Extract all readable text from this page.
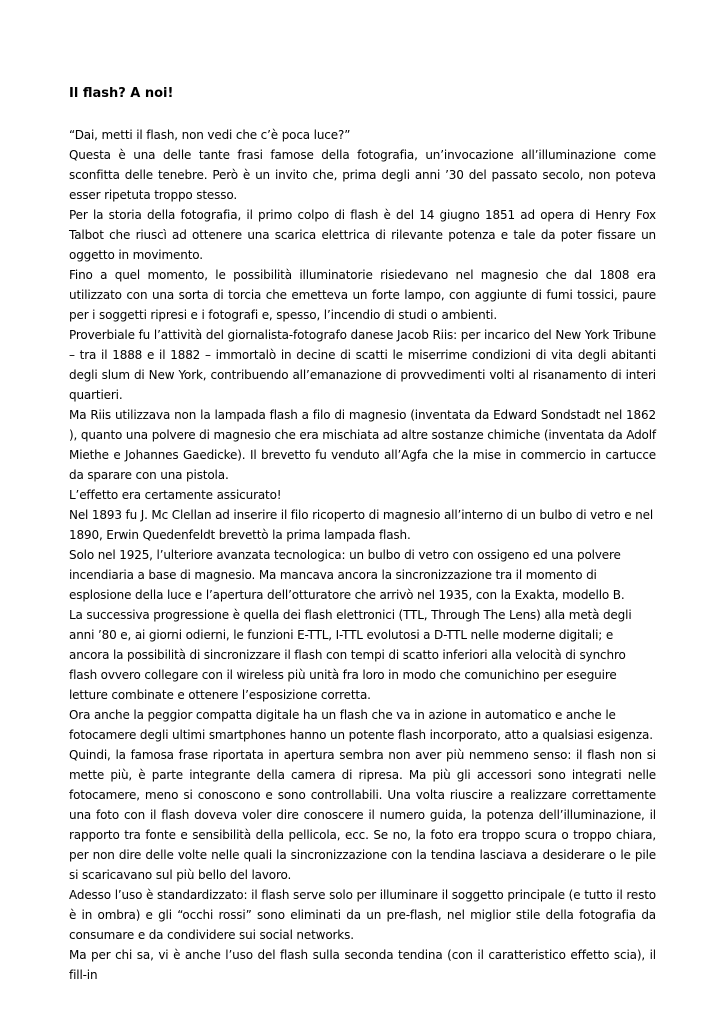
Il flash? A noi!

“Dai, metti il flash, non vedi che c’è poca luce?”

Questa è una delle tante frasi famose della fotografia, un’invocazione all’illuminazione come sconfitta delle tenebre. Però è un invito che, prima degli anni ’30 del passato secolo, non poteva esser ripetuta troppo stesso.

Per la storia della fotografia, il primo colpo di flash è del 14 giugno 1851 ad opera di Henry Fox Talbot che riuscì ad ottenere una scarica elettrica di rilevante potenza e tale da poter fissare un oggetto in movimento.

Fino a quel momento, le possibilità illuminatorie risiedevano nel magnesio che dal 1808 era utilizzato con una sorta di torcia che emetteva un forte lampo, con aggiunte di fumi tossici, paure per i soggetti ripresi e i fotografi e, spesso, l’incendio di studi o ambienti.

Proverbiale fu l’attività del giornalista-fotografo danese Jacob Riis: per incarico del New York Tribune – tra il 1888 e il 1882 – immortalò in decine di scatti le miserrime condizioni di vita degli abitanti degli slum di New York, contribuendo all’emanazione di provvedimenti volti al risanamento di interi quartieri.

Ma Riis utilizzava non la lampada flash a filo di magnesio (inventata da Edward Sondstadt nel 1862 ), quanto una polvere di magnesio che era mischiata ad altre sostanze chimiche (inventata da Adolf Miethe e Johannes Gaedicke). Il brevetto fu venduto all’Agfa che la mise in commercio in cartucce da sparare con una pistola.

L’effetto era certamente assicurato!

Nel 1893 fu J. Mc Clellan ad inserire il filo ricoperto di magnesio all’interno di un bulbo di vetro e nel 1890, Erwin Quedenfeldt brevettò la prima lampada flash.

Solo nel 1925, l’ulteriore avanzata tecnologica: un bulbo di vetro con ossigeno ed una polvere incendiaria a base di magnesio. Ma mancava ancora la sincronizzazione tra il momento di esplosione della luce e l’apertura dell’otturatore che arrivò nel 1935, con la Exakta, modello B.

La successiva progressione è quella dei flash elettronici (TTL, Through The Lens) alla metà degli anni ’80 e, ai giorni odierni, le funzioni E-TTL, I-TTL evolutosi a D-TTL nelle moderne digitali; e ancora la possibilità di sincronizzare il flash con tempi di scatto inferiori alla velocità di synchro flash ovvero collegare con il wireless più unità fra loro in modo che comunichino per eseguire letture combinate e ottenere l’esposizione corretta.

Ora anche la peggior compatta digitale ha un flash che va in azione in automatico e anche le fotocamere degli ultimi smartphones hanno un potente flash incorporato, atto a qualsiasi esigenza.

Quindi, la famosa frase riportata in apertura sembra non aver più nemmeno senso: il flash non si mette più, è parte integrante della camera di ripresa. Ma più gli accessori sono integrati nelle fotocamere, meno si conoscono e sono controllabili. Una volta riuscire a realizzare correttamente una foto con il flash doveva voler dire conoscere il numero guida, la potenza dell’illuminazione, il rapporto tra fonte e sensibilità della pellicola, ecc. Se no, la foto era troppo scura o troppo chiara, per non dire delle volte nelle quali la sincronizzazione con la tendina lasciava a desiderare o le pile si scaricavano sul più bello del lavoro.

Adesso l’uso è standardizzato: il flash serve solo per illuminare il soggetto principale (e tutto il resto è in ombra) e gli “occhi rossi” sono eliminati da un pre-flash, nel miglior stile della fotografia da consumare e da condividere sui social networks.

Ma per chi sa, vi è anche l’uso del flash sulla seconda tendina (con il caratteristico effetto scia), il fill-in
